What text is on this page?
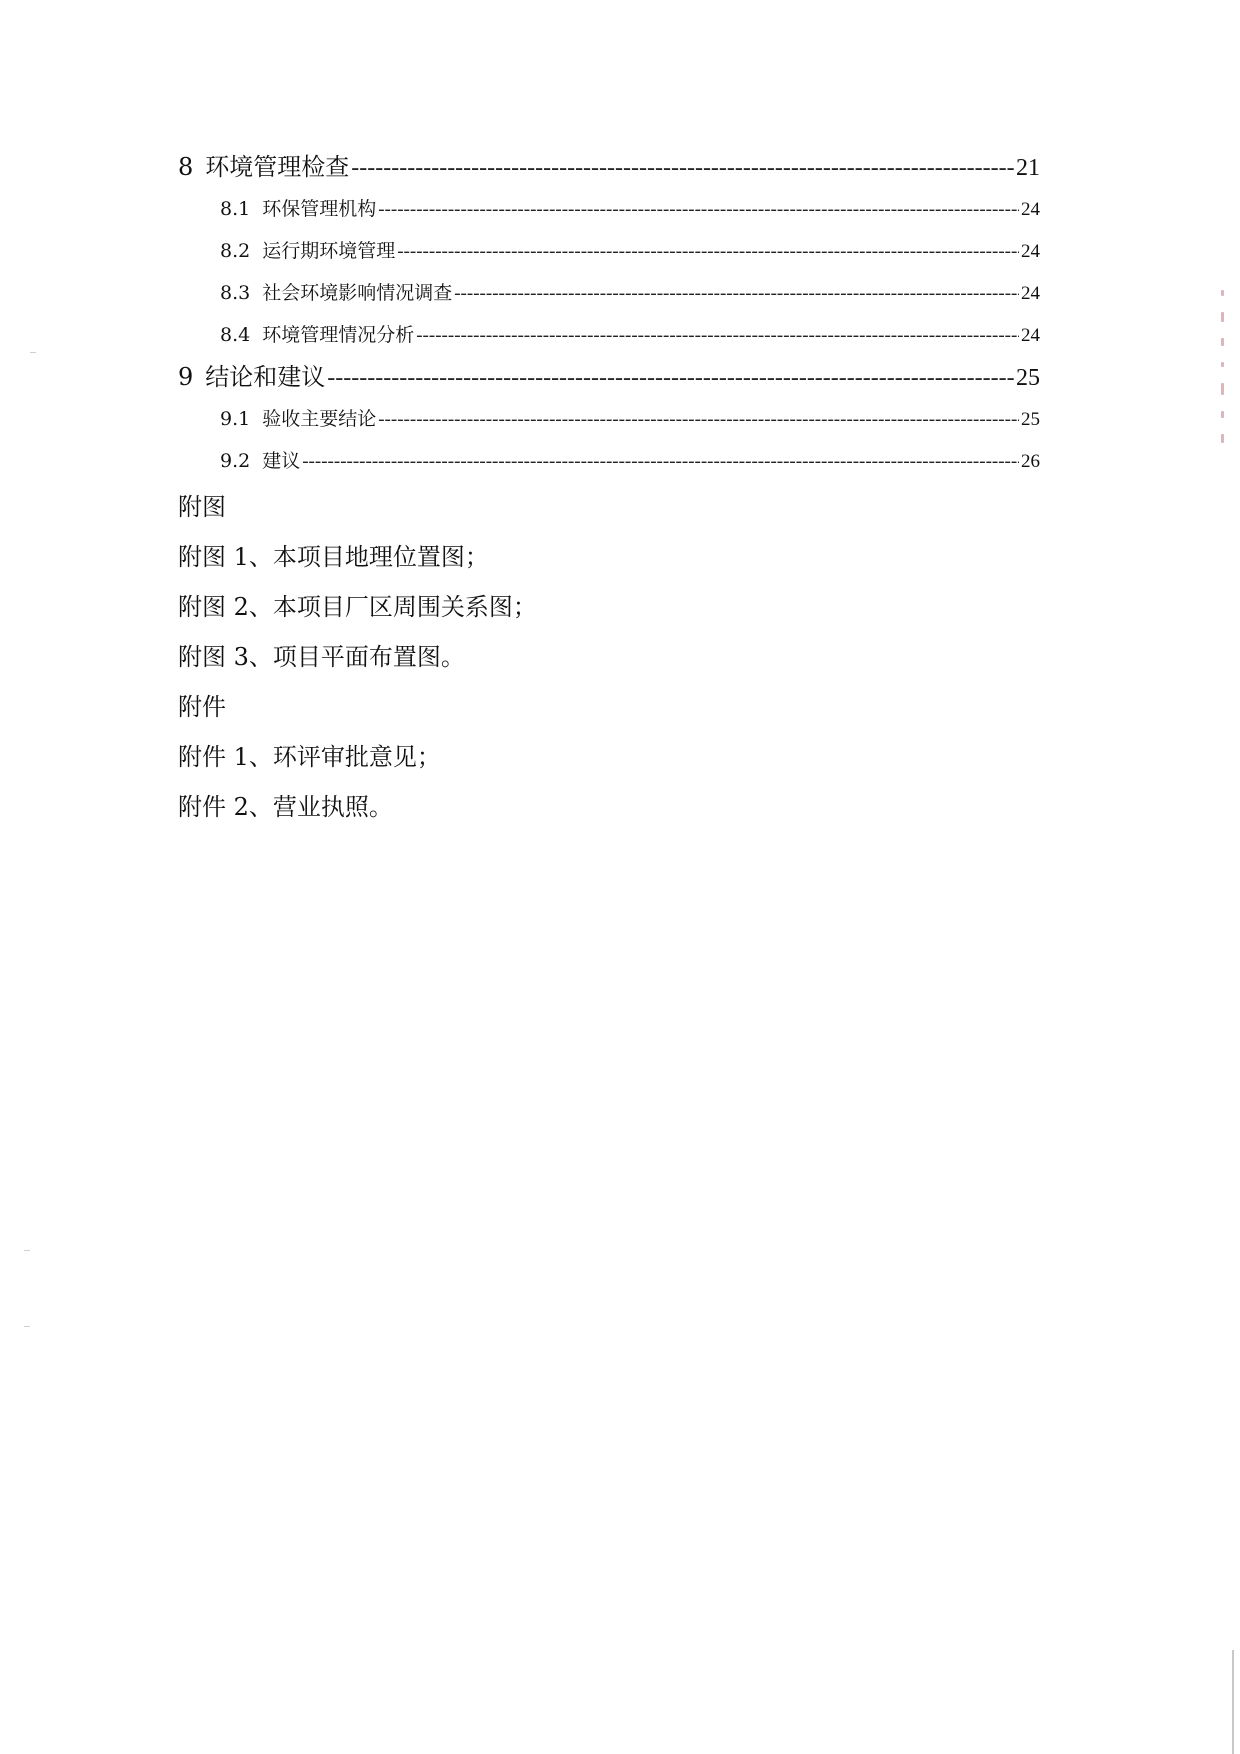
8 环境管理检查 -----	21
8.1 环保管理机构 -----	24
8.2 运行期环境管理 -----	24
8.3 社会环境影响情况调查 -----	24
8.4 环境管理情况分析 -----	24
9 结论和建议 -----	25
9.1 验收主要结论 -----	25
9.2 建议 -----	26
附图
附图 1、本项目地理位置图；
附图 2、本项目厂区周围关系图；
附图 3、项目平面布置图。
附件
附件 1、环评审批意见；
附件 2、营业执照。
